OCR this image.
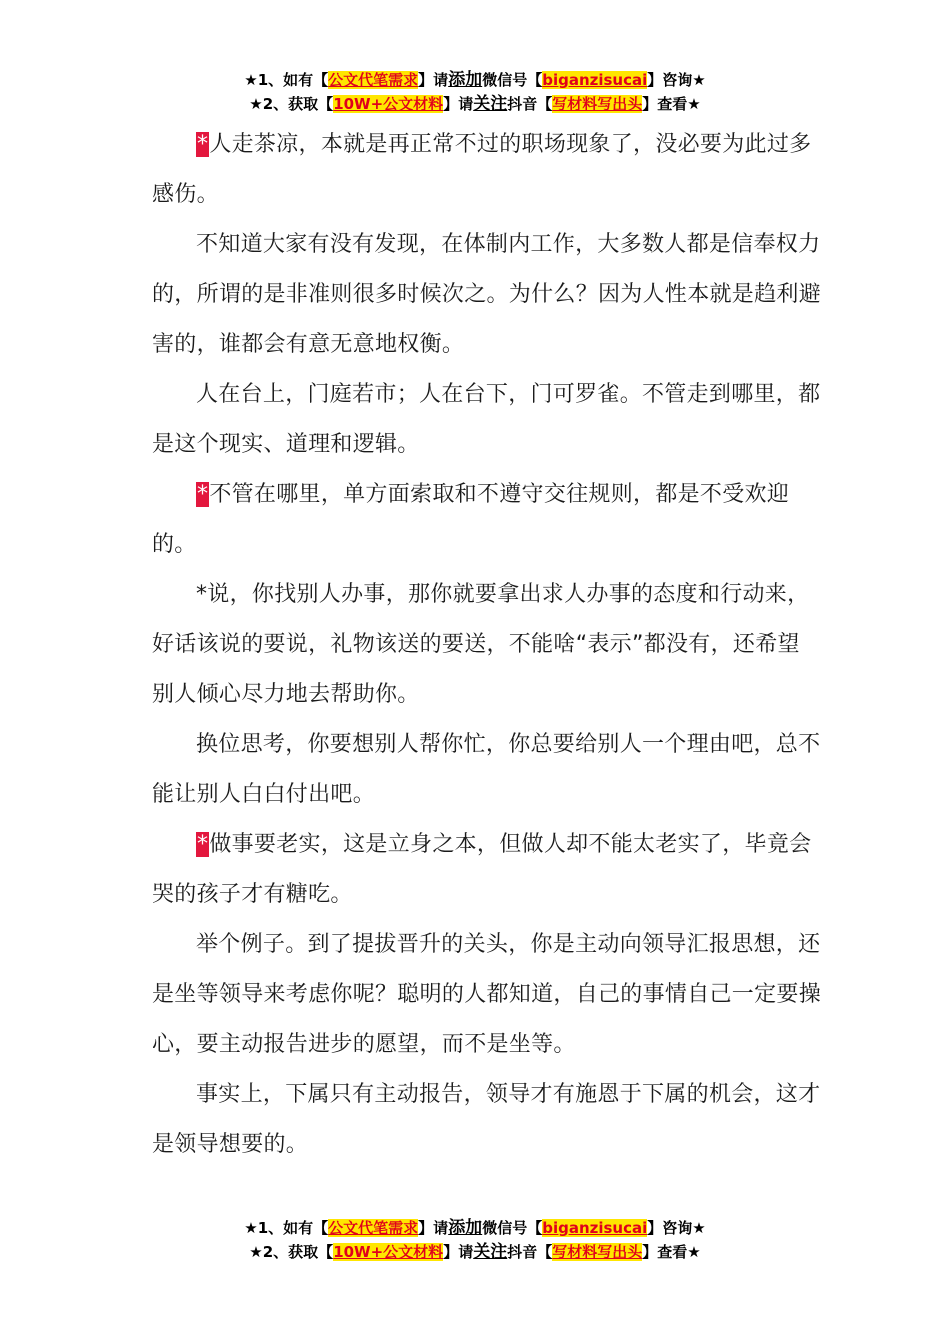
★1、如有【公文代笔需求】请添加微信号【biganzisucai】咨询★
★2、获取【10W+公文材料】请关注抖音【写材料写出头】查看★

*人走茶凉，本就是再正常不过的职场现象了，没必要为此过多感伤。

不知道大家有没有发现，在体制内工作，大多数人都是信奉权力的，所谓的是非准则很多时候次之。为什么？因为人性本就是趋利避害的，谁都会有意无意地权衡。

人在台上，门庭若市；人在台下，门可罗雀。不管走到哪里，都是这个现实、道理和逻辑。

*不管在哪里，单方面索取和不遵守交往规则，都是不受欢迎的。

*说，你找别人办事，那你就要拿出求人办事的态度和行动来，好话该说的要说，礼物该送的要送，不能啥“表示”都没有，还希望别人倾心尽力地去帮助你。

换位思考，你要想别人帮你忙，你总要给别人一个理由吧，总不能让别人白白付出吧。

*做事要老实，这是立身之本，但做人却不能太老实了，毕竟会哭的孩子才有糖吃。

举个例子。到了提拔晋升的关头，你是主动向领导汇报思想，还是坐等领导来考虑你呢？聪明的人都知道，自己的事情自己一定要操心，要主动报告进步的愿望，而不是坐等。

事实上，下属只有主动报告，领导才有施恩于下属的机会，这才是领导想要的。

★1、如有【公文代笔需求】请添加微信号【biganzisucai】咨询★
★2、获取【10W+公文材料】请关注抖音【写材料写出头】查看★
